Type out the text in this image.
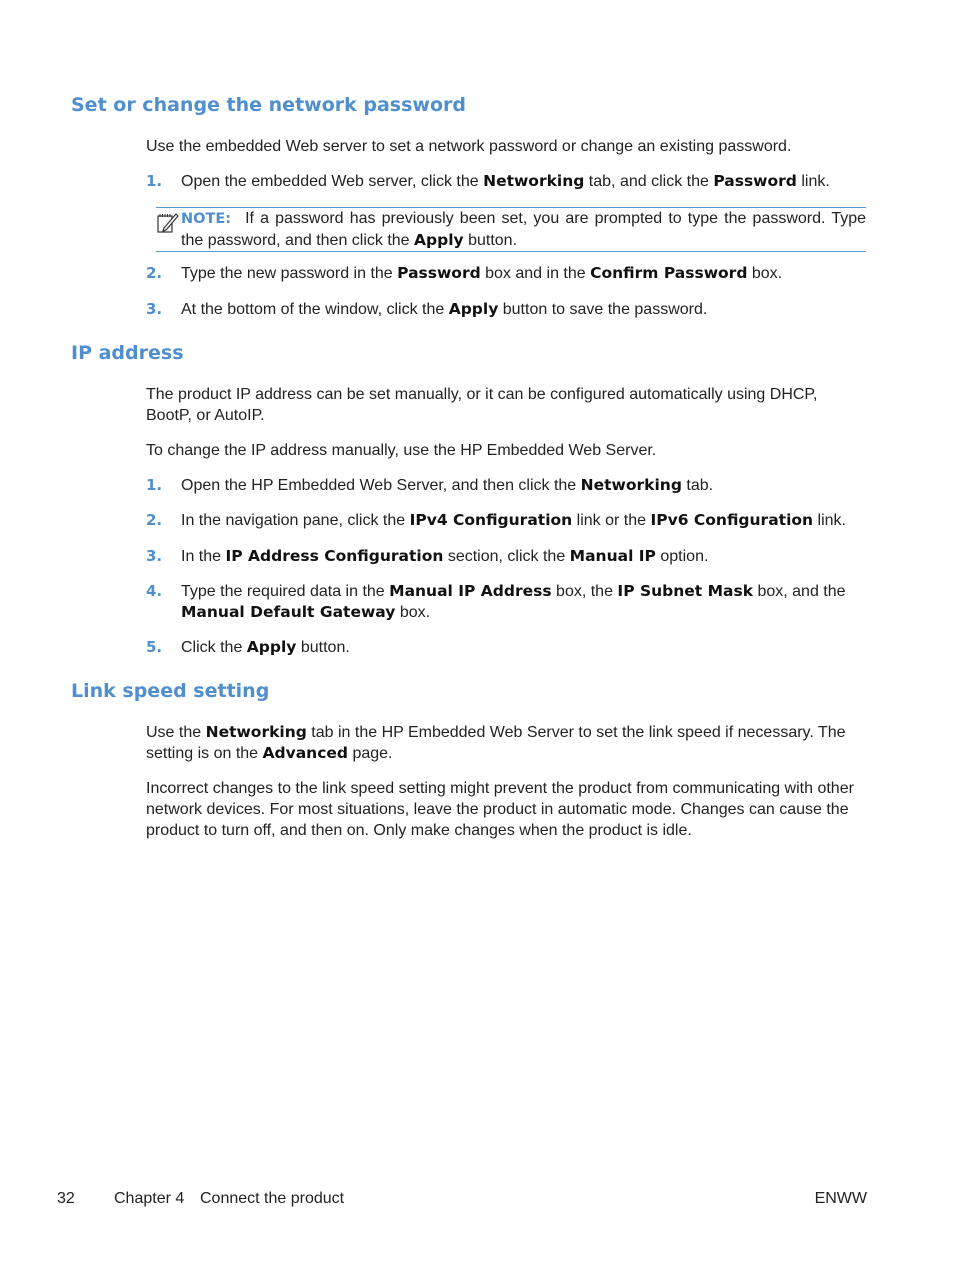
Set or change the network password

Use the embedded Web server to set a network password or change an existing password.

1. Open the embedded Web server, click the Networking tab, and click the Password link.
NOTE: If a password has previously been set, you are prompted to type the password. Type the password, and then click the Apply button.
2. Type the new password in the Password box and in the Confirm Password box.
3. At the bottom of the window, click the Apply button to save the password.
IP address

The product IP address can be set manually, or it can be configured automatically using DHCP, BootP, or AutoIP.

To change the IP address manually, use the HP Embedded Web Server.

1. Open the HP Embedded Web Server, and then click the Networking tab.
2. In the navigation pane, click the IPv4 Configuration link or the IPv6 Configuration link.
3. In the IP Address Configuration section, click the Manual IP option.
4. Type the required data in the Manual IP Address box, the IP Subnet Mask box, and the Manual Default Gateway box.
5. Click the Apply button.
Link speed setting

Use the Networking tab in the HP Embedded Web Server to set the link speed if necessary. The setting is on the Advanced page.

Incorrect changes to the link speed setting might prevent the product from communicating with other network devices. For most situations, leave the product in automatic mode. Changes can cause the product to turn off, and then on. Only make changes when the product is idle.

32 Chapter 4 Connect the product	ENWW
